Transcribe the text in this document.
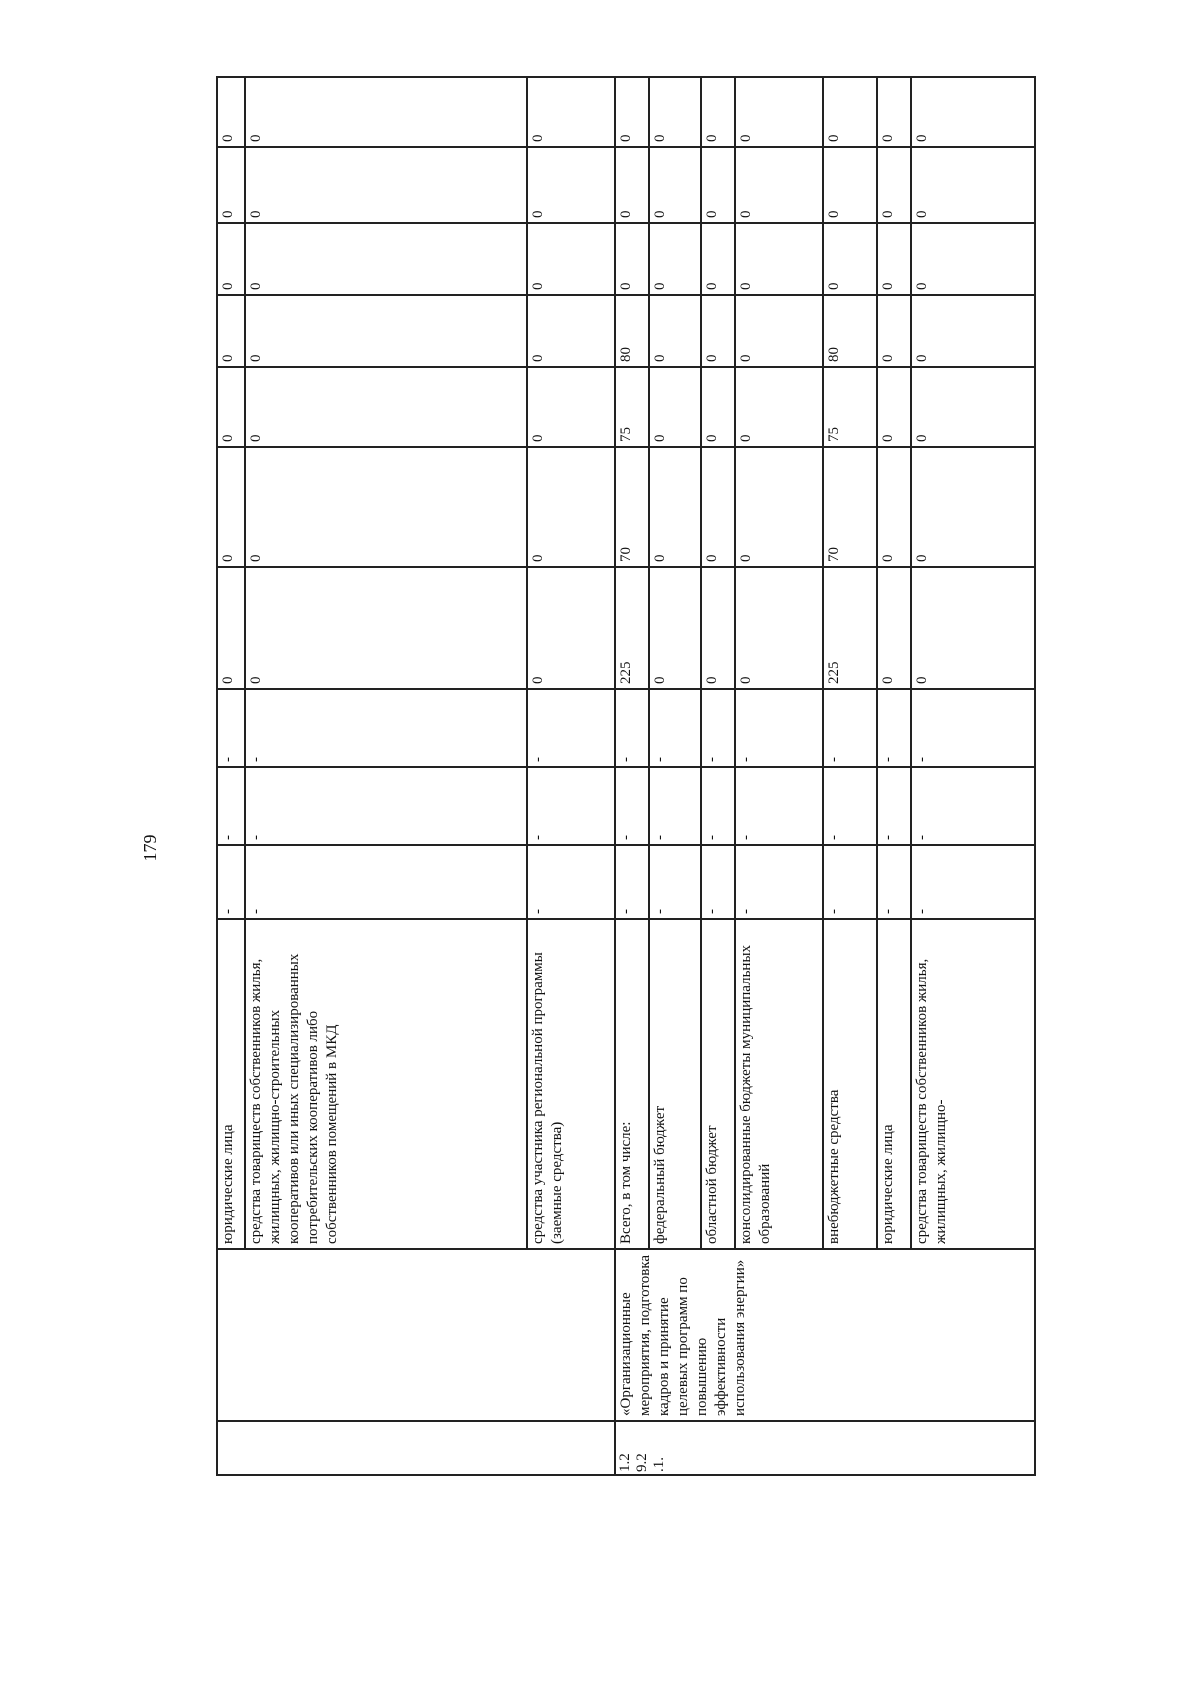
179
юридические лица
-
-
-
0
0
0
0
0
0
0
средства товариществ собственников жилья, жилищных, жилищно-строительных кооперативов или иных специализированных потребительских кооперативов либо собственников помещений в МКД
-
-
-
0
0
0
0
0
0
0
средства участника региональной программы (заемные средства)
-
-
-
0
0
0
0
0
0
0
Всего, в том числе:
-
-
-
225
70
75
80
0
0
0
федеральный бюджет
-
-
-
0
0
0
0
0
0
0
областной бюджет
-
-
-
0
0
0
0
0
0
0
консолидированные бюджеты муниципальных образований
-
-
-
0
0
0
0
0
0
0
внебюджетные средства
-
-
-
225
70
75
80
0
0
0
юридические лица
-
-
-
0
0
0
0
0
0
0
средства товариществ собственников жилья, жилищных, жилищно-
-
-
-
0
0
0
0
0
0
0
1.2
9.2
.1.
«Организационные мероприятия, подготовка кадров и принятие целевых программ по повышению эффективности использования энергии»
